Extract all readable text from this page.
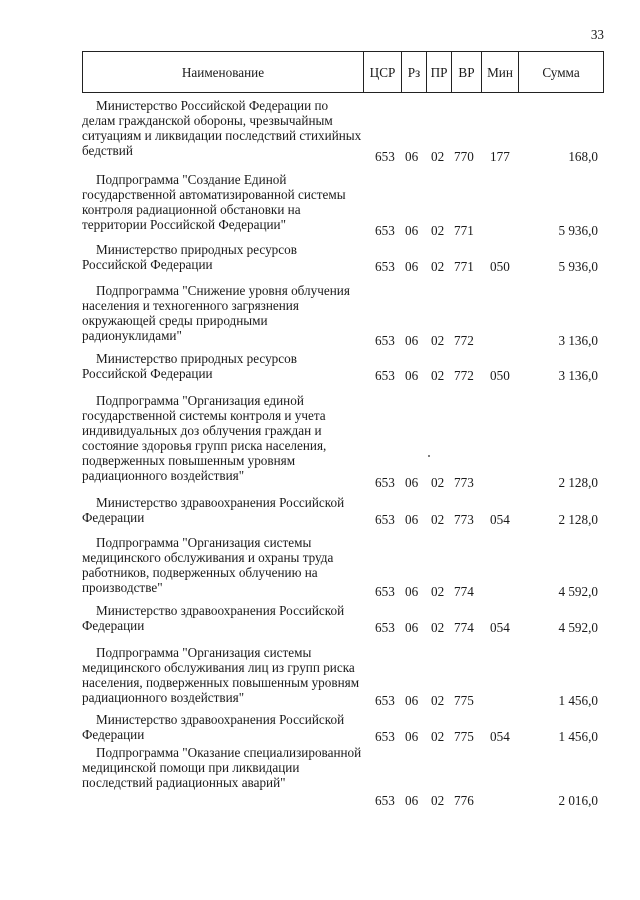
33
Наименование	ЦСР Рз ПР ВР Мин	Сумма

Министерство Российской Федерации по делам гражданской обороны, чрезвычайным ситуациям и ликвидации последствий стихийных бедствий	653 06 02 770 177	168,0

Подпрограмма "Создание Единой государственной автоматизированной системы контроля радиационной обстановки на территории Российской Федерации"	653 06 02 771	5 936,0

Министерство природных ресурсов Российской Федерации	653 06 02 771 050	5 936,0

Подпрограмма "Снижение уровня облучения населения и техногенного загрязнения окружающей среды природными радионуклидами"	653 06 02 772	3 136,0

Министерство природных ресурсов Российской Федерации	653 06 02 772 050	3 136,0

Подпрограмма "Организация единой государственной системы контроля и учета индивидуальных доз облучения граждан и состояние здоровья групп риска населения, подверженных повышенным уровням радиационного воздействия"	653 06 02 773	2 128,0

Министерство здравоохранения Российской Федерации	653 06 02 773 054	2 128,0

Подпрограмма "Организация системы медицинского обслуживания и охраны труда работников, подверженных облучению на производстве"	653 06 02 774	4 592,0

Министерство здравоохранения Российской Федерации	653 06 02 774 054	4 592,0

Подпрограмма "Организация системы медицинского обслуживания лиц из групп риска населения, подверженных повышенным уровням радиационного воздействия"	653 06 02 775	1 456,0

Министерство здравоохранения Российской Федерации	653 06 02 775 054	1 456,0

Подпрограмма "Оказание специализированной медицинской помощи при ликвидации последствий радиационных аварий"

653 06 02 776	2 016,0
